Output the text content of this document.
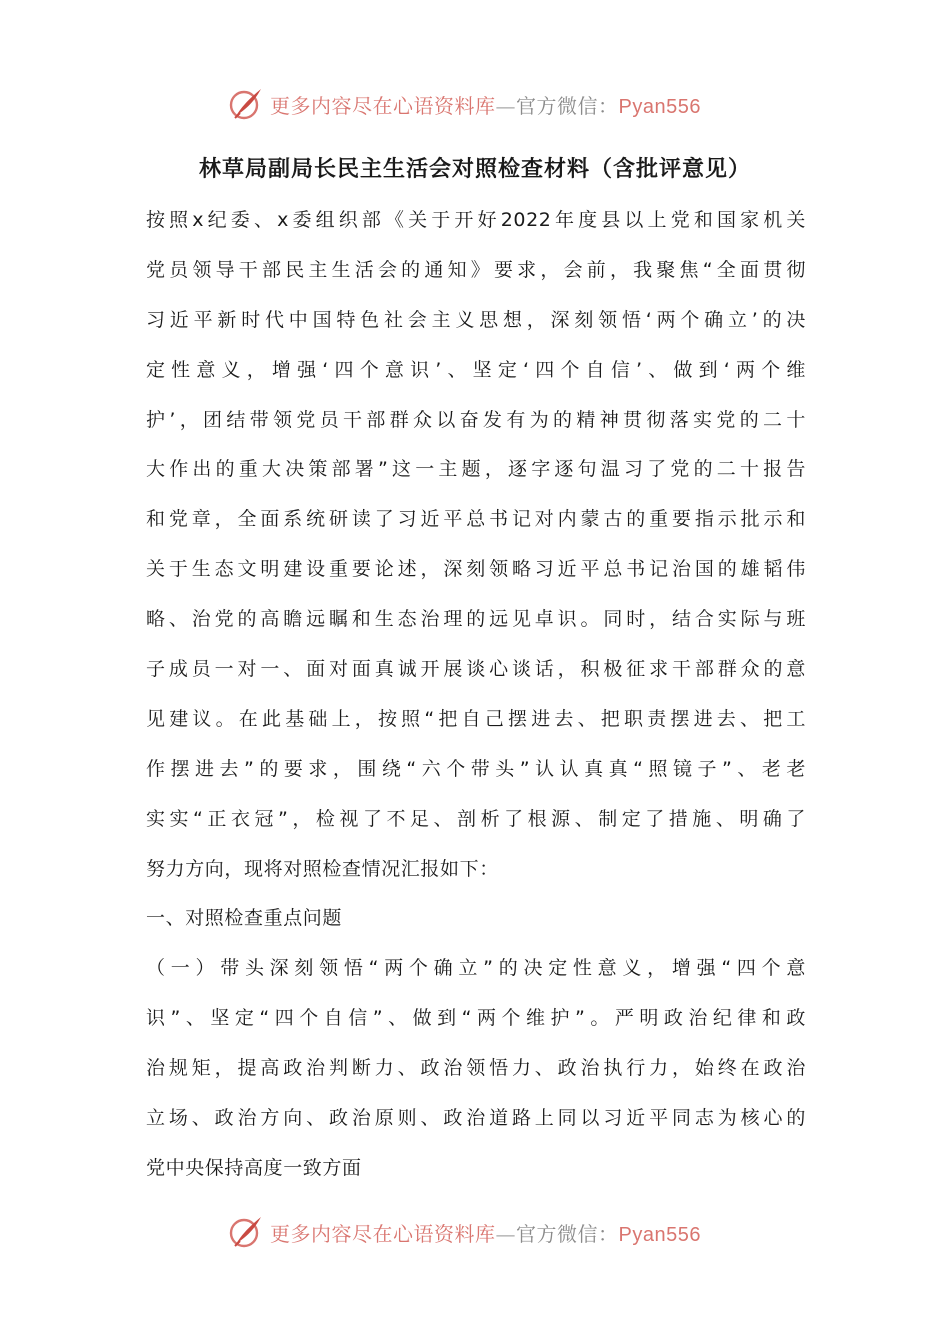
更多内容尽在心语资料库—官方微信：Pyan556
林草局副局长民主生活会对照检查材料（含批评意见）
按照x纪委、x委组织部《关于开好2022年度县以上党和国家机关
党员领导干部民主生活会的通知》要求，会前，我聚焦“全面贯彻
习近平新时代中国特色社会主义思想，深刻领悟‘两个确立’的决
定性意义，增强‘四个意识’、坚定‘四个自信’、做到‘两个维
护’，团结带领党员干部群众以奋发有为的精神贯彻落实党的二十
大作出的重大决策部署”这一主题，逐字逐句温习了党的二十报告
和党章，全面系统研读了习近平总书记对内蒙古的重要指示批示和
关于生态文明建设重要论述，深刻领略习近平总书记治国的雄韬伟
略、治党的高瞻远瞩和生态治理的远见卓识。同时，结合实际与班
子成员一对一、面对面真诚开展谈心谈话，积极征求干部群众的意
见建议。在此基础上，按照“把自己摆进去、把职责摆进去、把工
作摆进去”的要求，围绕“六个带头”认认真真“照镜子”、老老
实实“正衣冠”，检视了不足、剖析了根源、制定了措施、明确了
努力方向，现将对照检查情况汇报如下：
一、对照检查重点问题
（一）带头深刻领悟“两个确立”的决定性意义，增强“四个意
识”、坚定“四个自信”、做到“两个维护”。严明政治纪律和政
治规矩，提高政治判断力、政治领悟力、政治执行力，始终在政治
立场、政治方向、政治原则、政治道路上同以习近平同志为核心的
党中央保持高度一致方面
更多内容尽在心语资料库—官方微信：Pyan556
